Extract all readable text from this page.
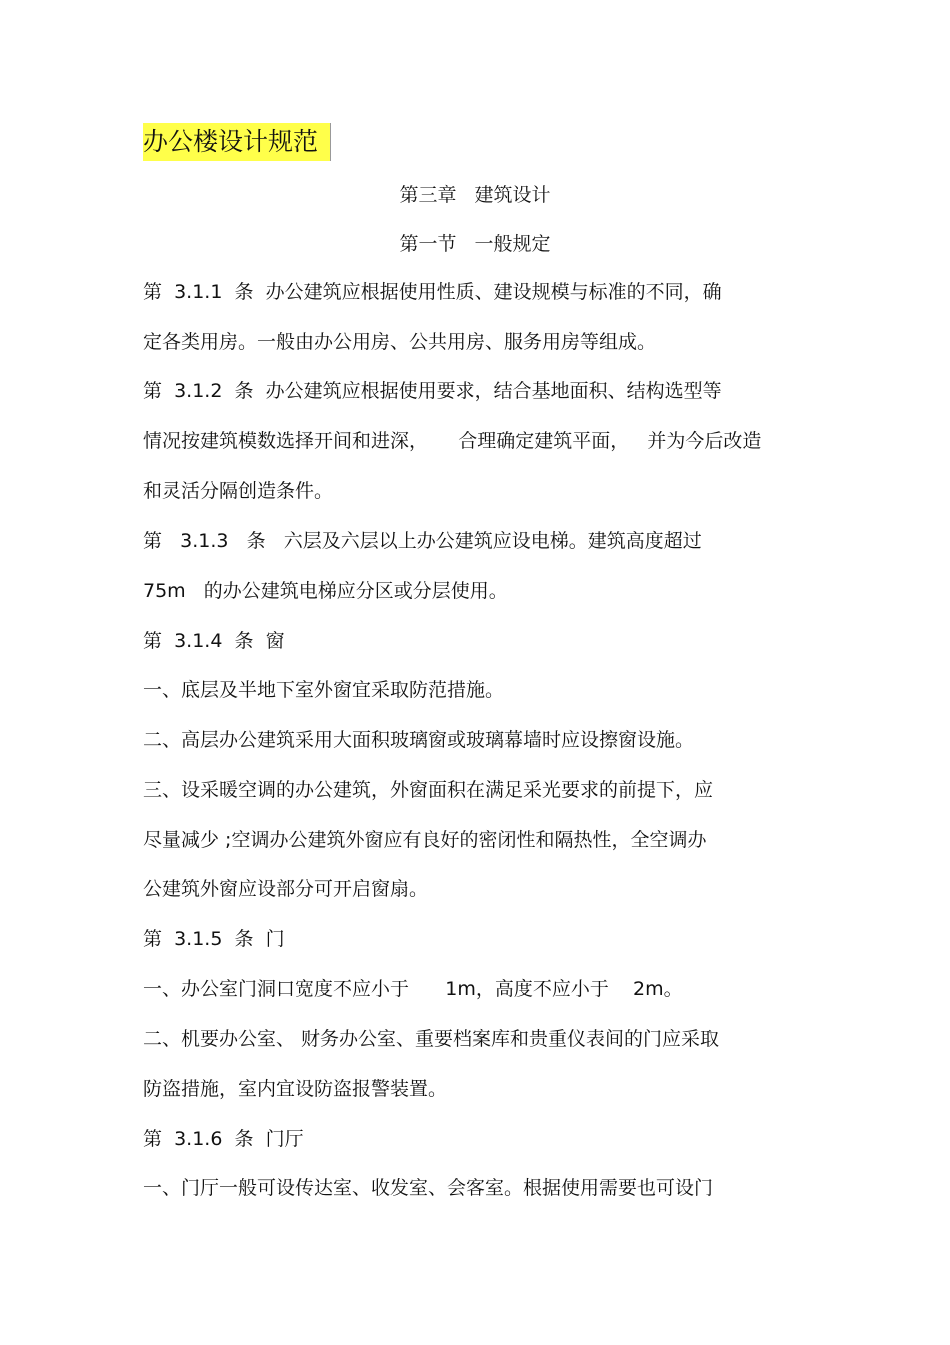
办公楼设计规范
第三章   建筑设计
第一节   一般规定
第  3.1.1  条  办公建筑应根据使用性质、建设规模与标准的不同，确
定各类用房。一般由办公用房、公共用房、服务用房等组成。
第  3.1.2  条  办公建筑应根据使用要求，结合基地面积、结构选型等
情况按建筑模数选择开间和进深，     合理确定建筑平面，   并为今后改造
和灵活分隔创造条件。
第   3.1.3   条   六层及六层以上办公建筑应设电梯。建筑高度超过
75m   的办公建筑电梯应分区或分层使用。
第  3.1.4  条  窗
一、底层及半地下室外窗宜采取防范措施。
二、高层办公建筑采用大面积玻璃窗或玻璃幕墙时应设擦窗设施。
三、设采暖空调的办公建筑，外窗面积在满足采光要求的前提下，应
尽量减少 ;空调办公建筑外窗应有良好的密闭性和隔热性，全空调办
公建筑外窗应设部分可开启窗扇。
第  3.1.5  条  门
一、办公室门洞口宽度不应小于      1m，高度不应小于    2m。
二、机要办公室、 财务办公室、重要档案库和贵重仪表间的门应采取
防盗措施，室内宜设防盗报警装置。
第  3.1.6  条  门厅
一、门厅一般可设传达室、收发室、会客室。根据使用需要也可设门
